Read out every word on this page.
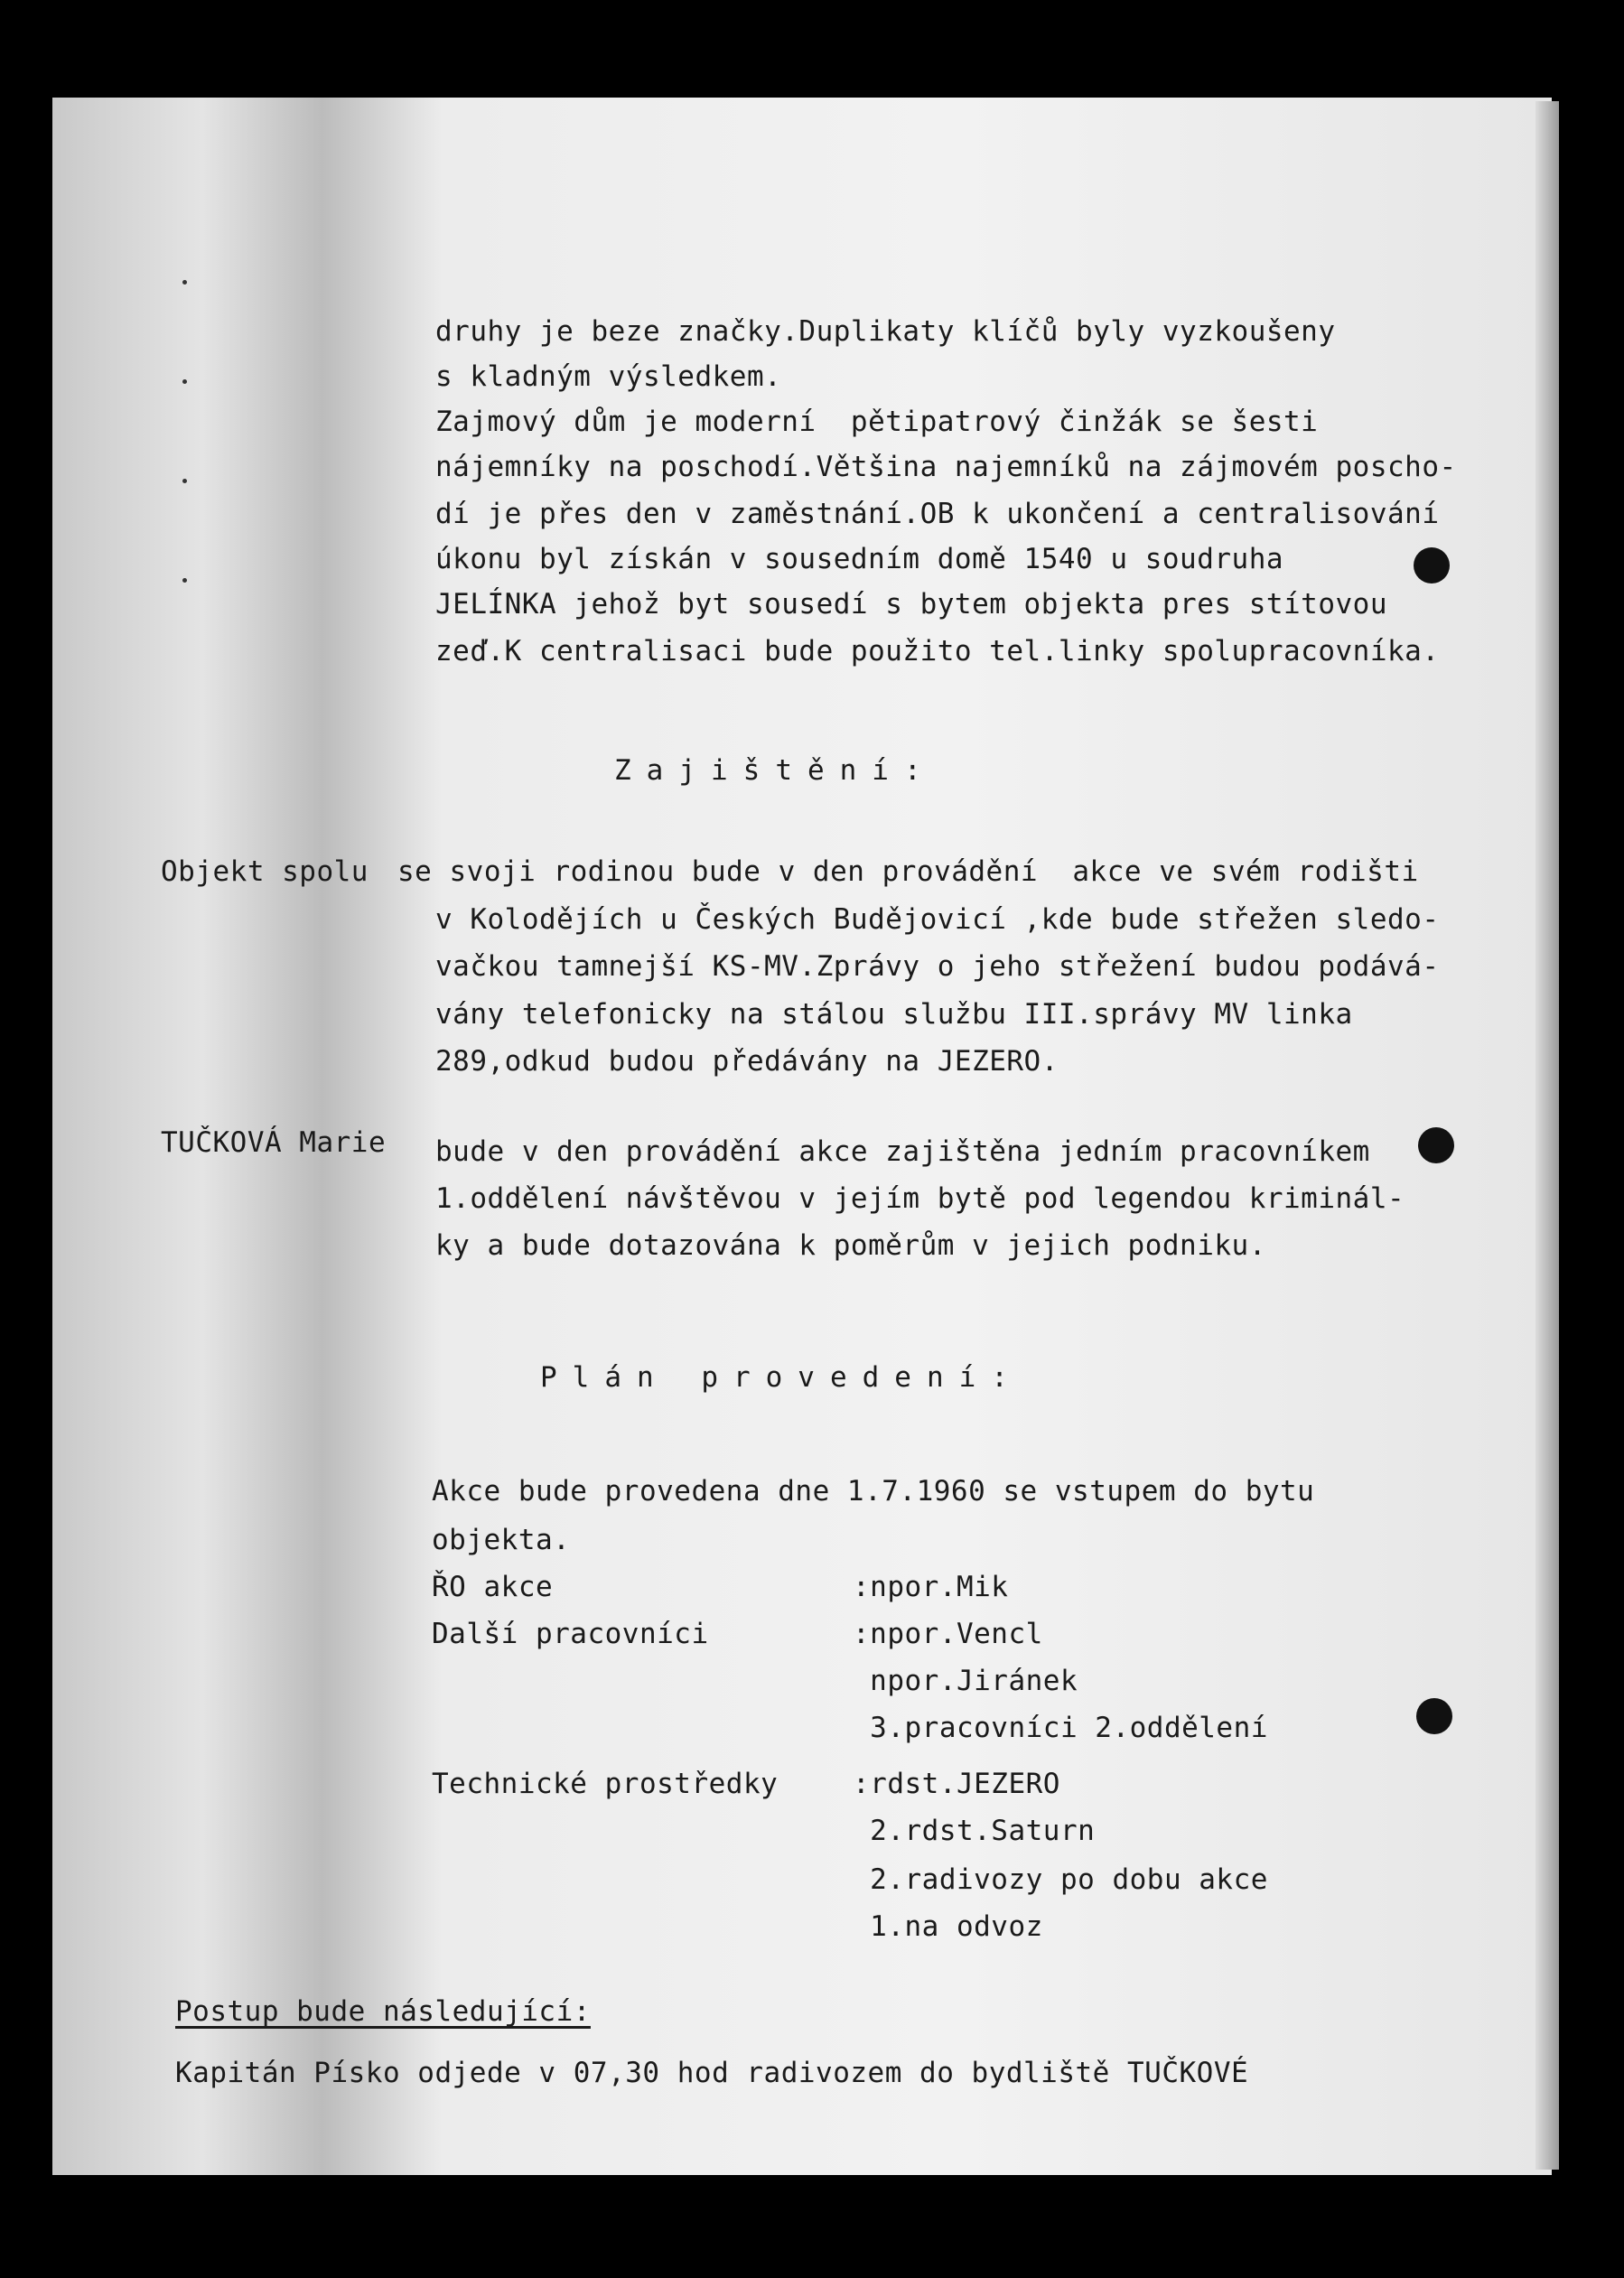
druhy je beze značky.Duplikaty klíčů byly vyzkoušeny

s kladným výsledkem.

Zajmový dům je moderní  pětipatrový činžák se šesti

nájemníky na poschodí.Většina najemníků na zájmovém poscho-

dí je přes den v zaměstnání.OB k ukončení a centralisování

úkonu byl získán v sousedním domě 1540 u soudruha

JELÍNKA jehož byt sousedí s bytem objekta pres stítovou

zeď.K centralisaci bude použito tel.linky spolupracovníka.

Zajištění:

Objekt spolu se svoji rodinou bude v den provádění  akce ve svém rodišti

v Kolodějích u Českých Budějovicí ,kde bude střežen sledo-

vačkou tamnejší KS-MV.Zprávy o jeho střežení budou podává-

vány telefonicky na stálou službu III.správy MV linka

289,odkud budou předávány na JEZERO.

TUČKOVÁ Marie bude v den provádění akce zajištěna jedním pracovníkem

1.oddělení návštěvou v jejím bytě pod legendou kriminál-

ky a bude dotazována k poměrům v jejich podniku.

Plán provedení:

Akce bude provedena dne 1.7.1960 se vstupem do bytu

objekta.

ŘO akce	:npor.Mik

Další pracovníci	:npor.Vencl

npor.Jiránek

3.pracovníci 2.oddělení

Technické prostředky	:rdst.JEZERO

2.rdst.Saturn

2.radivozy po dobu akce

1.na odvoz

Postup bude následující:

Kapitán Písko odjede v 07,30 hod radivozem do bydliště TUČKOVÉ
